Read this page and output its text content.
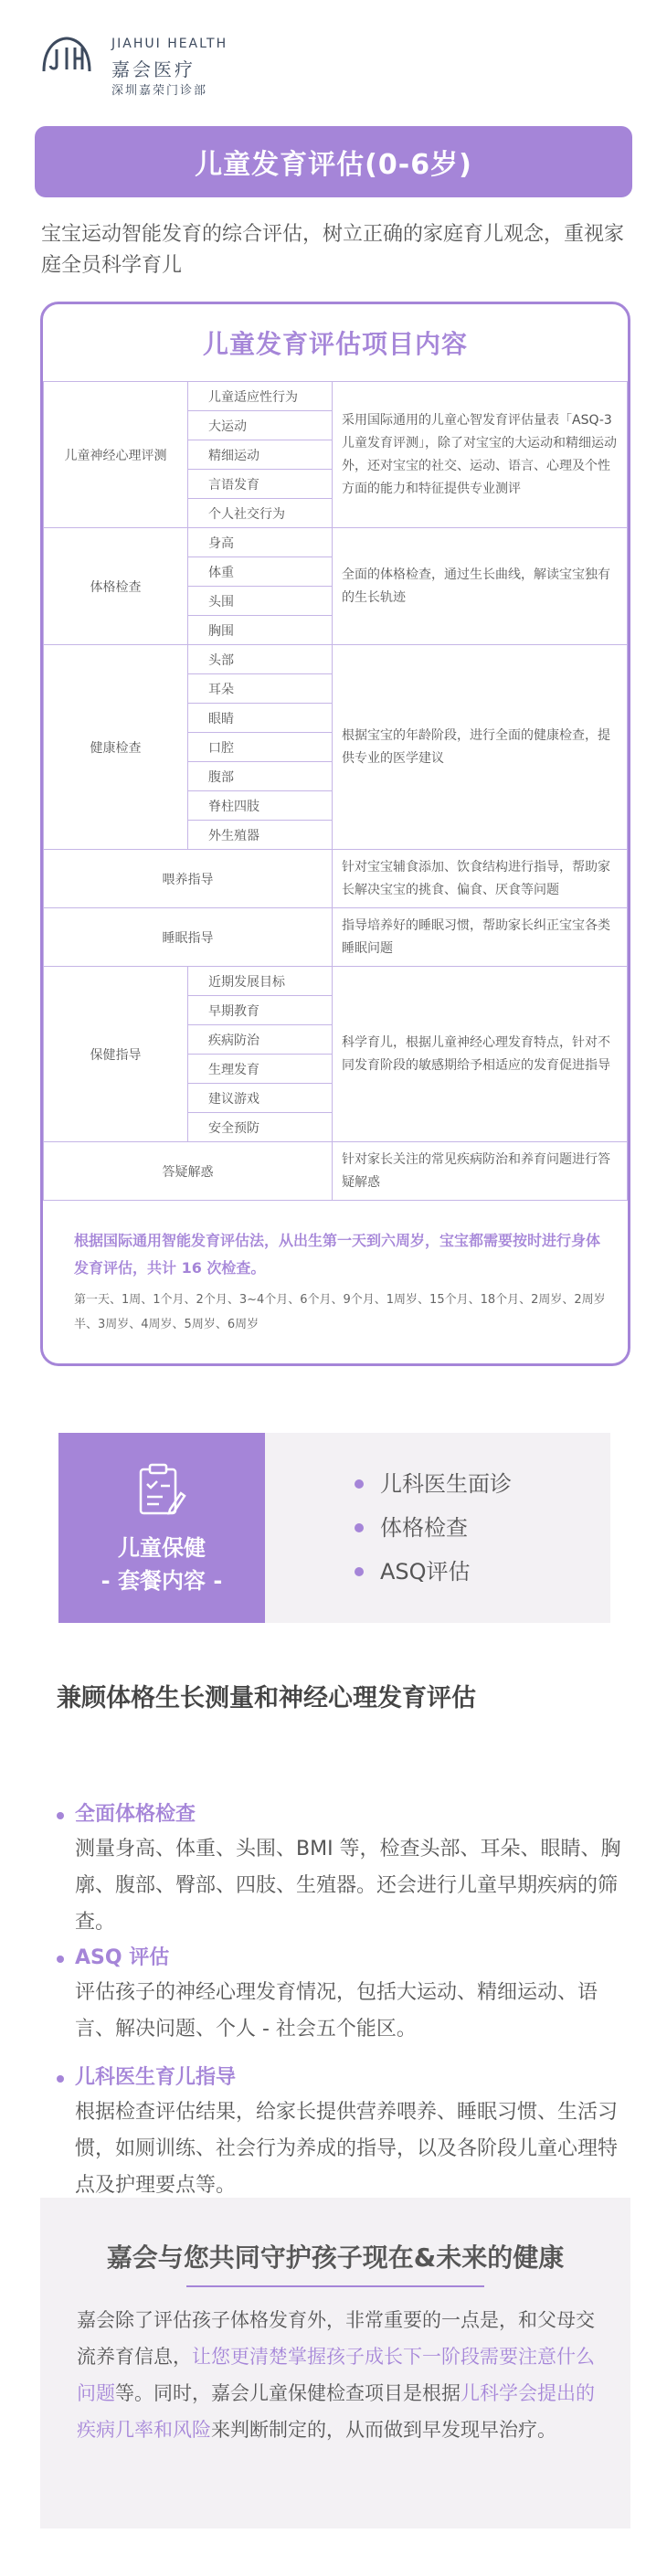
JIAHUI HEALTH
嘉会医疗
深圳嘉荣门诊部
儿童发育评估(0-6岁)
宝宝运动智能发育的综合评估，树立正确的家庭育儿观念，重视家庭全员科学育儿
儿童发育评估项目内容
儿童神经心理评测	儿童适应性行为	采用国际通用的儿童心智发育评估量表「ASQ-3儿童发育评测」，除了对宝宝的大运动和精细运动外，还对宝宝的社交、运动、语言、心理及个性方面的能力和特征提供专业测评
	大运动	
	精细运动	
	言语发育	
	个人社交行为	
体格检查	身高	全面的体格检查，通过生长曲线，解读宝宝独有的生长轨迹
	体重	
	头围	
	胸围	
健康检查	头部	根据宝宝的年龄阶段，进行全面的健康检查，提供专业的医学建议
	耳朵	
	眼睛	
	口腔	
	腹部	
	脊柱四肢	
	外生殖器	
喂养指导		针对宝宝辅食添加、饮食结构进行指导，帮助家长解决宝宝的挑食、偏食、厌食等问题
睡眠指导		指导培养好的睡眠习惯，帮助家长纠正宝宝各类睡眠问题
保健指导	近期发展目标	科学育儿，根据儿童神经心理发育特点，针对不同发育阶段的敏感期给予相适应的发育促进指导
	早期教育	
	疾病防治	
	生理发育	
	建议游戏	
	安全预防	
答疑解惑		针对家长关注的常见疾病防治和养育问题进行答疑解惑
根据国际通用智能发育评估法，从出生第一天到六周岁，宝宝都需要按时进行身体发育评估，共计 16 次检查。
第一天、1周、1个月、2个月、3~4个月、6个月、9个月、1周岁、15个月、18个月、2周岁、2周岁半、3周岁、4周岁、5周岁、6周岁
儿童保健
- 套餐内容 -
儿科医生面诊
体格检查
ASQ评估
兼顾体格生长测量和神经心理发育评估
全面体格检查
测量身高、体重、头围、BMI 等，检查头部、耳朵、眼睛、胸廓、腹部、臀部、四肢、生殖器。还会进行儿童早期疾病的筛查。
ASQ 评估
评估孩子的神经心理发育情况，包括大运动、精细运动、语言、解决问题、个人 - 社会五个能区。
儿科医生育儿指导
根据检查评估结果，给家长提供营养喂养、睡眠习惯、生活习惯，如厕训练、社会行为养成的指导，以及各阶段儿童心理特点及护理要点等。
嘉会与您共同守护孩子现在&未来的健康
嘉会除了评估孩子体格发育外，非常重要的一点是，和父母交流养育信息，让您更清楚掌握孩子成长下一阶段需要注意什么问题等。同时，嘉会儿童保健检查项目是根据儿科学会提出的疾病几率和风险来判断制定的，从而做到早发现早治疗。
